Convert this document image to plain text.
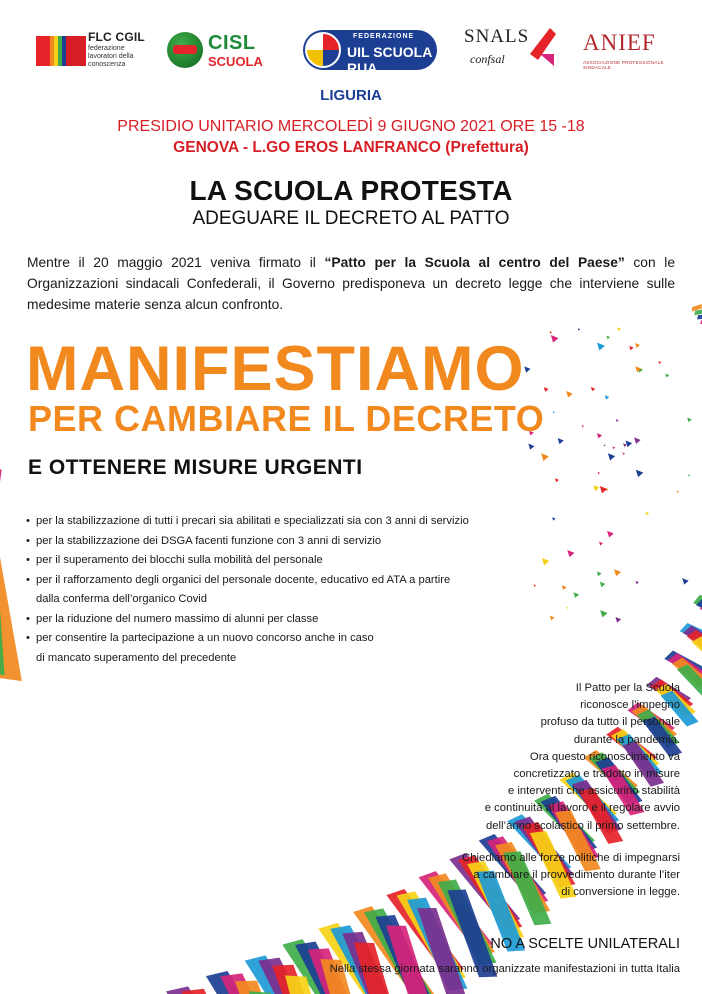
FLC CGIL
federazione lavoratori della conoscenza
CISL
SCUOLA
FEDERAZIONE
UIL SCUOLA RUA
SNALS
confsal
ANIEF
ASSOCIAZIONE PROFESSIONALE SINDACALE
LIGURIA
PRESIDIO UNITARIO MERCOLEDÌ 9 GIUGNO 2021 ORE 15 -18
GENOVA - L.GO EROS LANFRANCO (Prefettura)
LA SCUOLA PROTESTA
ADEGUARE IL DECRETO AL PATTO
Mentre il 20 maggio 2021 veniva firmato il “Patto per la Scuola al centro del Paese” con le Organizzazioni sindacali Confederali, il Governo predisponeva un decreto legge che interviene sulle medesime materie senza alcun confronto.
MANIFESTIAMO
PER CAMBIARE IL DECRETO
E OTTENERE MISURE URGENTI
• per la stabilizzazione di tutti i precari sia abilitati e specializzati sia con 3 anni di servizio
• per la stabilizzazione dei DSGA facenti funzione con 3 anni di servizio
• per il superamento dei blocchi sulla mobilità del personale
• per il rafforzamento degli organici del personale docente, educativo ed ATA a partire
dalla conferma dell’organico Covid
• per la riduzione del numero massimo di alunni per classe
• per consentire la partecipazione a un nuovo concorso anche in caso
di mancato superamento del precedente
Il Patto per la Scuola
riconosce l’impegno
profuso da tutto il personale
durante la pandemia.
Ora questo riconoscimento va
concretizzato e tradotto in misure
e interventi che assicurino stabilità
e continuità al lavoro e il regolare avvio
dell’anno scolastico il primo settembre.
Chiediamo alle forze politiche di impegnarsi
a cambiare il provvedimento durante l’iter
di conversione in legge.
NO A SCELTE UNILATERALI
Nella stessa giornata saranno organizzate manifestazioni in tutta Italia
